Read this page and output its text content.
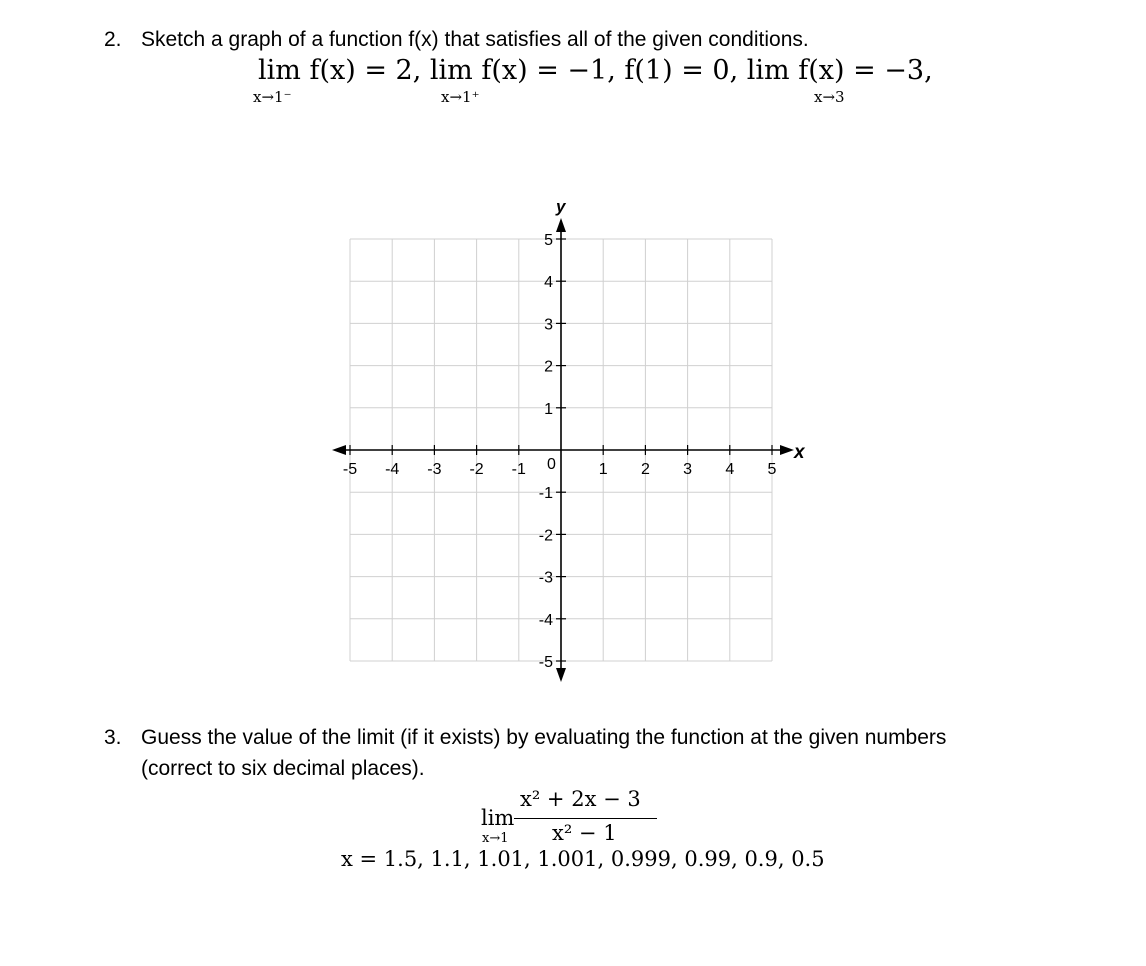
2. Sketch a graph of a function f(x) that satisfies all of the given conditions.
lim f(x) = 2, lim f(x) = −1, f(1) = 0, lim f(x) = −3,
x→1⁻	x→1⁺	x→3
-5 -4 -3 -2 -1	1 2 3 4 5
5
4
3
2
1
-1
-2
-3
-4
-5
y
x
0
3. Guess the value of the limit (if it exists) by evaluating the function at the given numbers
(correct to six decimal places).
x² + 2x − 3
lim
x→1 x² − 1
x = 1.5, 1.1, 1.01, 1.001, 0.999, 0.99, 0.9, 0.5
